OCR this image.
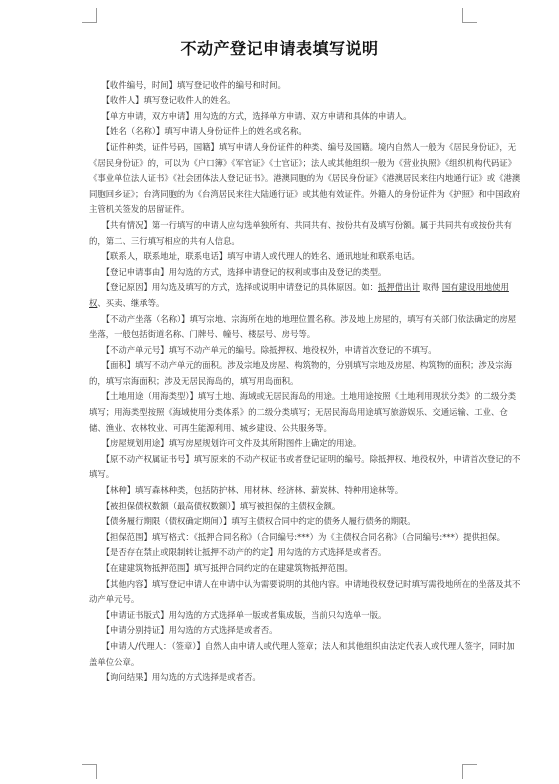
不动产登记申请表填写说明

【收件编号，时间】填写登记收件的编号和时间。

【收件人】填写登记收件人的姓名。

【单方申请，双方申请】用勾选的方式，选择单方申请、双方申请和具体的申请人。

【姓名（名称）】填写申请人身份证件上的姓名或名称。

【证件种类，证件号码，国籍】填写申请人身份证件的种类、编号及国籍。境内自然人一般为《居民身份证》，无《居民身份证》的，可以为《户口簿》《军官证》《士官证》；法人或其他组织一般为《营业执照》《组织机构代码证》《事业单位法人证书》《社会团体法人登记证书》。港澳同胞的为《居民身份证》《港澳居民来往内地通行证》或《港澳同胞回乡证》；台湾同胞的为《台湾居民来往大陆通行证》或其他有效证件。外籍人的身份证件为《护照》和中国政府主管机关签发的居留证件。

【共有情况】第一行填写的申请人应勾选单独所有、共同共有、按份共有及填写份额。属于共同共有或按份共有的，第二、三行填写相应的共有人信息。

【联系人，联系地址，联系电话】填写申请人或代理人的姓名、通讯地址和联系电话。

【登记申请事由】用勾选的方式，选择申请登记的权利或事由及登记的类型。

【登记原因】用勾选及填写的方式，选择或说明申请登记的具体原因。如：抵押借出计 取得 国有建设用地使用权、买卖、继承等。

【不动产坐落（名称）】填写宗地、宗海所在地的地理位置名称。涉及地上房屋的，填写有关部门依法确定的房屋坐落，一般包括街道名称、门牌号、幢号、楼层号、房号等。

【不动产单元号】填写不动产单元的编号。除抵押权、地役权外，申请首次登记的不填写。

【面积】填写不动产单元的面积。涉及宗地及房屋、构筑物的，分别填写宗地及房屋、构筑物的面积；涉及宗海的，填写宗海面积；涉及无居民海岛的，填写用岛面积。

【土地用途（用海类型）】填写土地、海域或无居民海岛的用途。土地用途按照《土地利用现状分类》的二级分类填写；用海类型按照《海域使用分类体系》的二级分类填写；无居民海岛用途填写旅游娱乐、交通运输、工业、仓储、渔业、农林牧业、可再生能源利用、城乡建设、公共服务等。

【房屋规划用途】填写房屋规划许可文件及其所附图件上确定的用途。

【原不动产权属证书号】填写原来的不动产权证书或者登记证明的编号。除抵押权、地役权外，申请首次登记的不填写。

【林种】填写森林种类，包括防护林、用材林、经济林、薪炭林、特种用途林等。

【被担保债权数额（最高债权数额）】填写被担保的主债权金额。

【债务履行期限（债权确定期间）】填写主债权合同中约定的债务人履行债务的期限。

【担保范围】填写格式：《抵押合同名称》（合同编号:***）为《主债权合同名称》（合同编号:***）提供担保。

【是否存在禁止或限制转让抵押不动产的约定】用勾选的方式选择是或者否。

【在建建筑物抵押范围】填写抵押合同约定的在建建筑物抵押范围。

【其他内容】填写登记申请人在申请中认为需要说明的其他内容。申请地役权登记时填写需役地所在的坐落及其不动产单元号。

【申请证书版式】用勾选的方式选择单一版或者集成版，当前只勾选单一版。

【申请分别持证】用勾选的方式选择是或者否。

【申请人/代理人：（签章）】自然人由申请人或代理人签章；法人和其他组织由法定代表人或代理人签字，同时加盖单位公章。

【询问结果】用勾选的方式选择是或者否。
